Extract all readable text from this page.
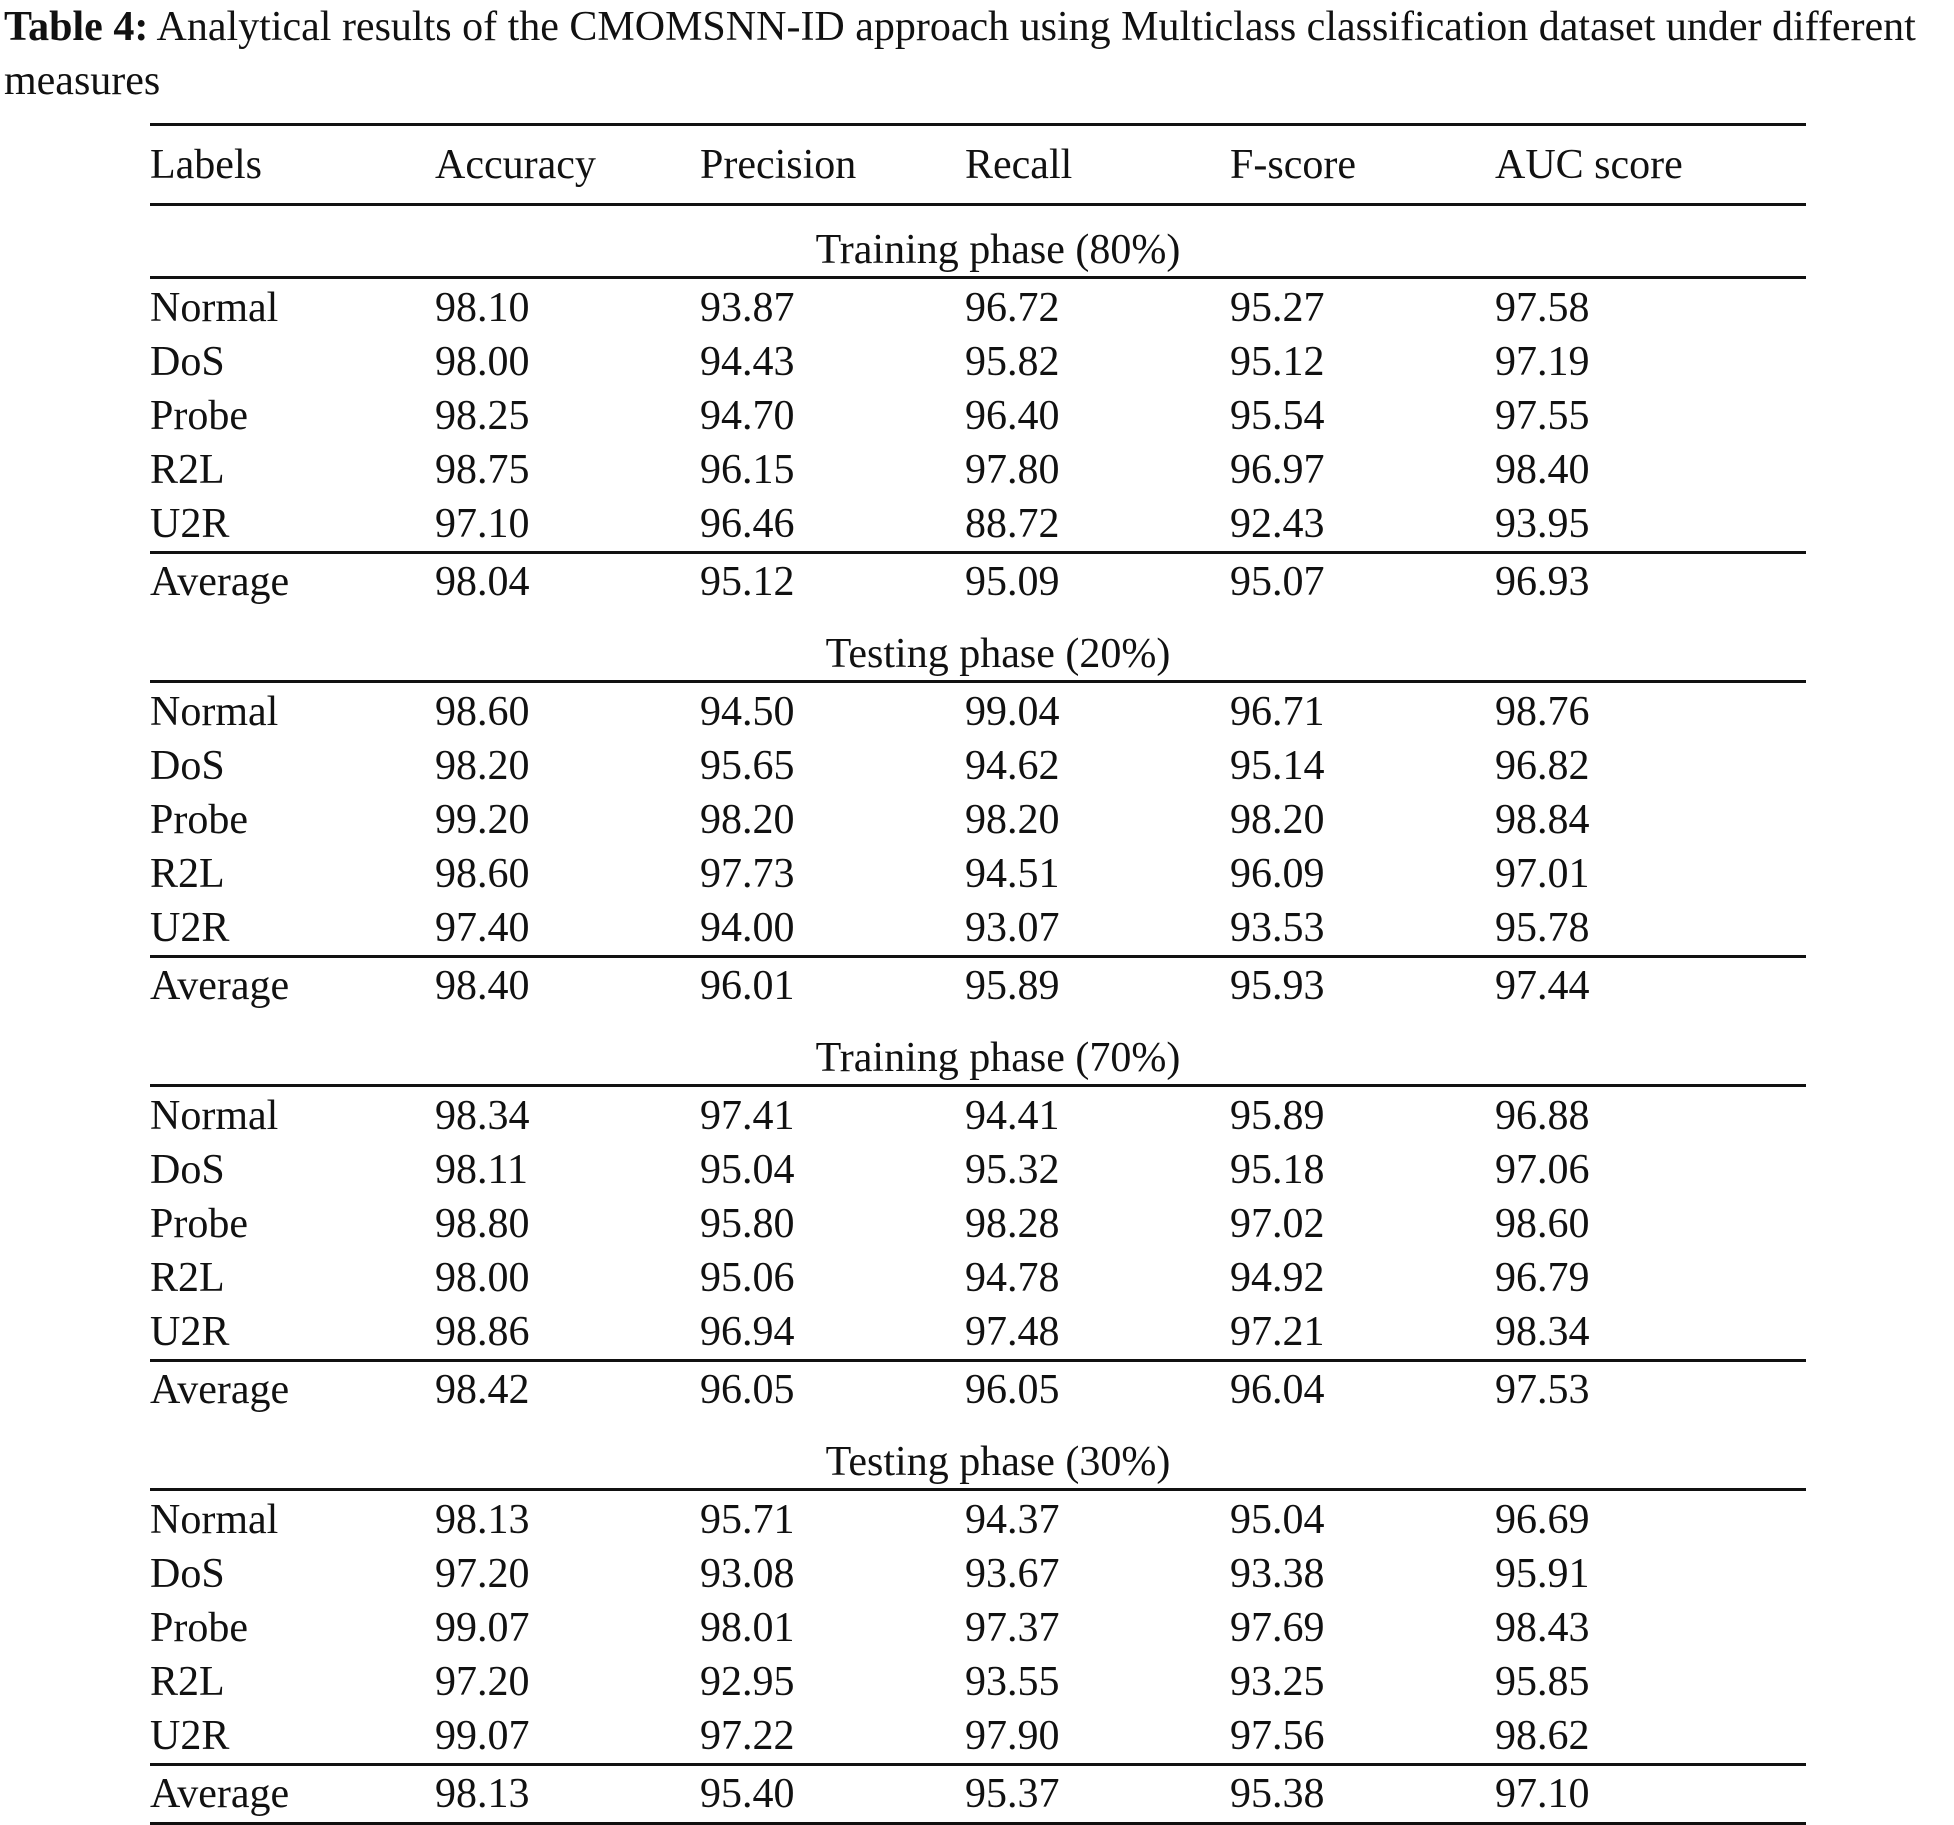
Table 4: Analytical results of the CMOMSNN-ID approach using Multiclass classification dataset under different measures

Labels	Accuracy	Precision	Recall	F-score	AUC score
Training phase (80%)
Normal	98.10	93.87	96.72	95.27	97.58
DoS	98.00	94.43	95.82	95.12	97.19
Probe	98.25	94.70	96.40	95.54	97.55
R2L	98.75	96.15	97.80	96.97	98.40
U2R	97.10	96.46	88.72	92.43	93.95
Average	98.04	95.12	95.09	95.07	96.93
Testing phase (20%)
Normal	98.60	94.50	99.04	96.71	98.76
DoS	98.20	95.65	94.62	95.14	96.82
Probe	99.20	98.20	98.20	98.20	98.84
R2L	98.60	97.73	94.51	96.09	97.01
U2R	97.40	94.00	93.07	93.53	95.78
Average	98.40	96.01	95.89	95.93	97.44
Training phase (70%)
Normal	98.34	97.41	94.41	95.89	96.88
DoS	98.11	95.04	95.32	95.18	97.06
Probe	98.80	95.80	98.28	97.02	98.60
R2L	98.00	95.06	94.78	94.92	96.79
U2R	98.86	96.94	97.48	97.21	98.34
Average	98.42	96.05	96.05	96.04	97.53
Testing phase (30%)
Normal	98.13	95.71	94.37	95.04	96.69
DoS	97.20	93.08	93.67	93.38	95.91
Probe	99.07	98.01	97.37	97.69	98.43
R2L	97.20	92.95	93.55	93.25	95.85
U2R	99.07	97.22	97.90	97.56	98.62
Average	98.13	95.40	95.37	95.38	97.10
